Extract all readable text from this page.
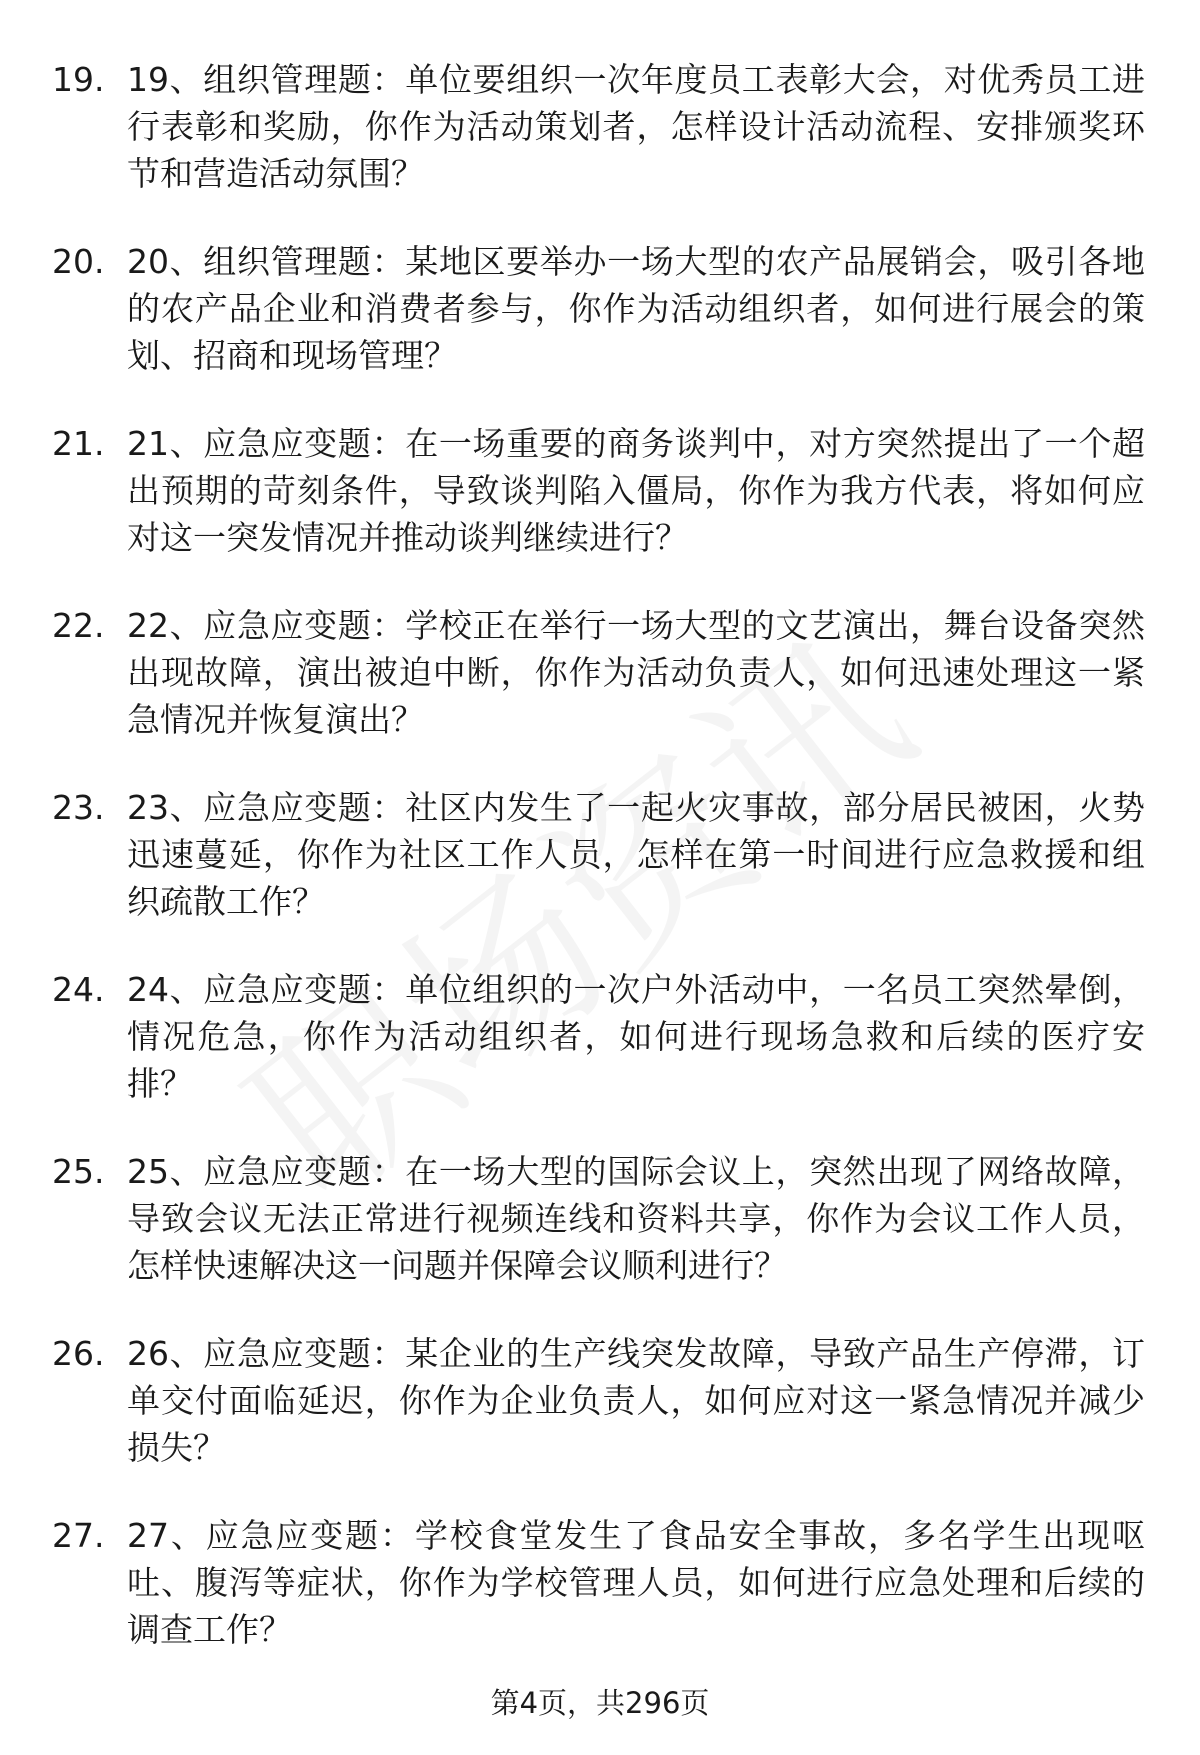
19. 19、组织管理题：单位要组织一次年度员工表彰大会，对优秀员工进行表彰和奖励，你作为活动策划者，怎样设计活动流程、安排颁奖环节和营造活动氛围？
20. 20、组织管理题：某地区要举办一场大型的农产品展销会，吸引各地的农产品企业和消费者参与，你作为活动组织者，如何进行展会的策划、招商和现场管理？
21. 21、应急应变题：在一场重要的商务谈判中，对方突然提出了一个超出预期的苛刻条件，导致谈判陷入僵局，你作为我方代表，将如何应对这一突发情况并推动谈判继续进行？
22. 22、应急应变题：学校正在举行一场大型的文艺演出，舞台设备突然出现故障，演出被迫中断，你作为活动负责人，如何迅速处理这一紧急情况并恢复演出？
23. 23、应急应变题：社区内发生了一起火灾事故，部分居民被困，火势迅速蔓延，你作为社区工作人员，怎样在第一时间进行应急救援和组织疏散工作？
24. 24、应急应变题：单位组织的一次户外活动中，一名员工突然晕倒，情况危急，你作为活动组织者，如何进行现场急救和后续的医疗安排？
25. 25、应急应变题：在一场大型的国际会议上，突然出现了网络故障，导致会议无法正常进行视频连线和资料共享，你作为会议工作人员，怎样快速解决这一问题并保障会议顺利进行？
26. 26、应急应变题：某企业的生产线突发故障，导致产品生产停滞，订单交付面临延迟，你作为企业负责人，如何应对这一紧急情况并减少损失？
27. 27、应急应变题：学校食堂发生了食品安全事故，多名学生出现呕吐、腹泻等症状，你作为学校管理人员，如何进行应急处理和后续的调查工作？
第4页，共296页
